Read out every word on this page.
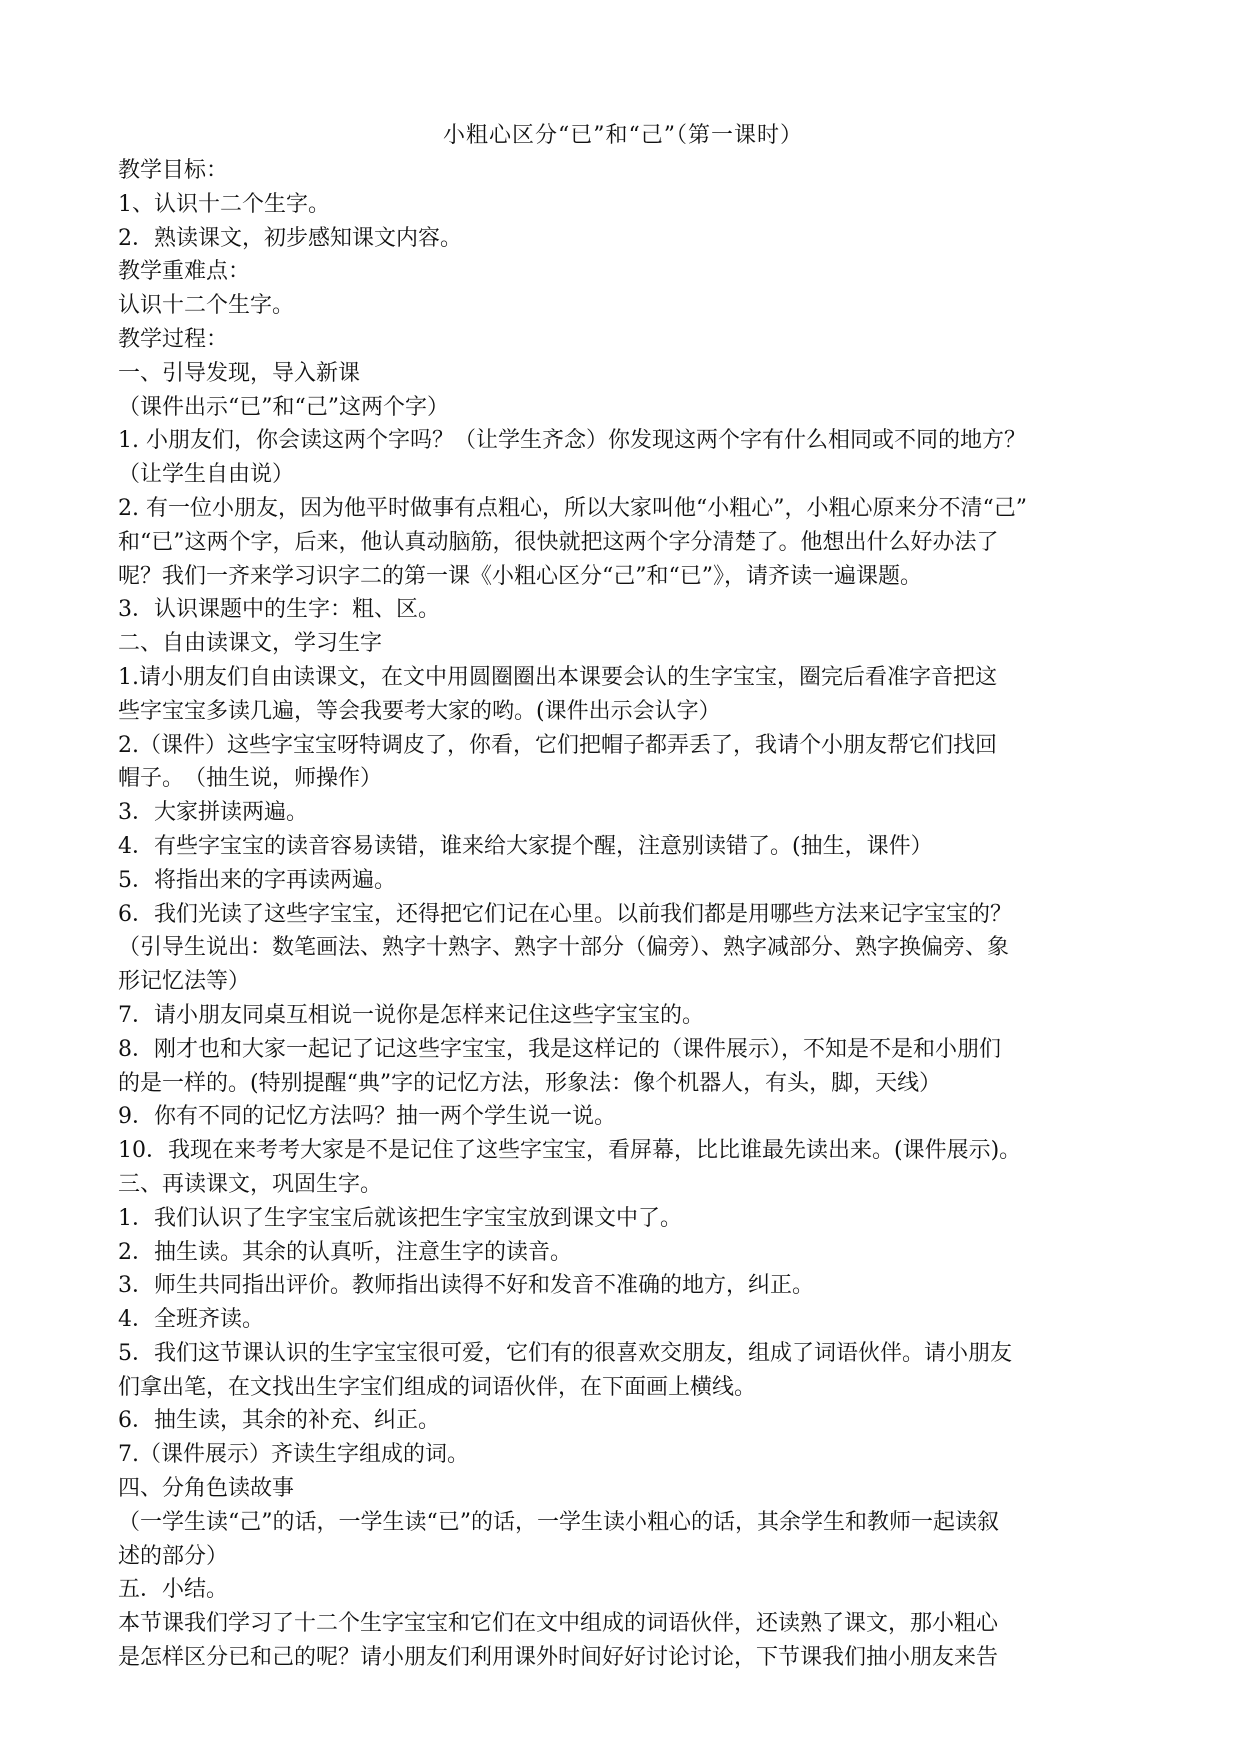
小粗心区分“已”和“己”（第一课时）

教学目标：

1、认识十二个生字。

2．熟读课文，初步感知课文内容。

教学重难点：

认识十二个生字。

教学过程：

一、引导发现，导入新课

（课件出示“已”和“己”这两个字）

1. 小朋友们，你会读这两个字吗？（让学生齐念）你发现这两个字有什么相同或不同的地方？

（让学生自由说）

2. 有一位小朋友，因为他平时做事有点粗心，所以大家叫他“小粗心”，小粗心原来分不清“己”

和“已”这两个字，后来，他认真动脑筋，很快就把这两个字分清楚了。他想出什么好办法了

呢？我们一齐来学习识字二的第一课《小粗心区分“己”和“已”》，请齐读一遍课题。

3．认识课题中的生字：粗、区。

二、自由读课文，学习生字

1.请小朋友们自由读课文，在文中用圆圈圈出本课要会认的生字宝宝，圈完后看准字音把这

些字宝宝多读几遍，等会我要考大家的哟。(课件出示会认字）

2.（课件）这些字宝宝呀特调皮了，你看，它们把帽子都弄丢了，我请个小朋友帮它们找回

帽子。　（抽生说，师操作）

3．大家拼读两遍。

4．有些字宝宝的读音容易读错，谁来给大家提个醒，注意别读错了。(抽生，课件）

5．将指出来的字再读两遍。

6．我们光读了这些字宝宝，还得把它们记在心里。以前我们都是用哪些方法来记字宝宝的？

（引导生说出：数笔画法、熟字十熟字、熟字十部分（偏旁）、熟字减部分、熟字换偏旁、象

形记忆法等）

7．请小朋友同桌互相说一说你是怎样来记住这些字宝宝的。

8．刚才也和大家一起记了记这些字宝宝，我是这样记的（课件展示），不知是不是和小朋们

的是一样的。(特别提醒“典”字的记忆方法，形象法：像个机器人，有头，脚，天线）

9．你有不同的记忆方法吗？抽一两个学生说一说。

10．我现在来考考大家是不是记住了这些字宝宝，看屏幕，比比谁最先读出来。(课件展示)。

三、再读课文，巩固生字。

1．我们认识了生字宝宝后就该把生字宝宝放到课文中了。

2．抽生读。其余的认真听，注意生字的读音。

3．师生共同指出评价。教师指出读得不好和发音不准确的地方，纠正。

4．全班齐读。

5．我们这节课认识的生字宝宝很可爱，它们有的很喜欢交朋友，组成了词语伙伴。请小朋友

们拿出笔，在文找出生字宝们组成的词语伙伴，在下面画上横线。

6．抽生读，其余的补充、纠正。

7.（课件展示）齐读生字组成的词。

四、分角色读故事

（一学生读“己”的话，一学生读“已”的话，一学生读小粗心的话，其余学生和教师一起读叙

述的部分）

五．小结。

本节课我们学习了十二个生字宝宝和它们在文中组成的词语伙伴，还读熟了课文，那小粗心

是怎样区分已和己的呢？请小朋友们利用课外时间好好讨论讨论，下节课我们抽小朋友来告
